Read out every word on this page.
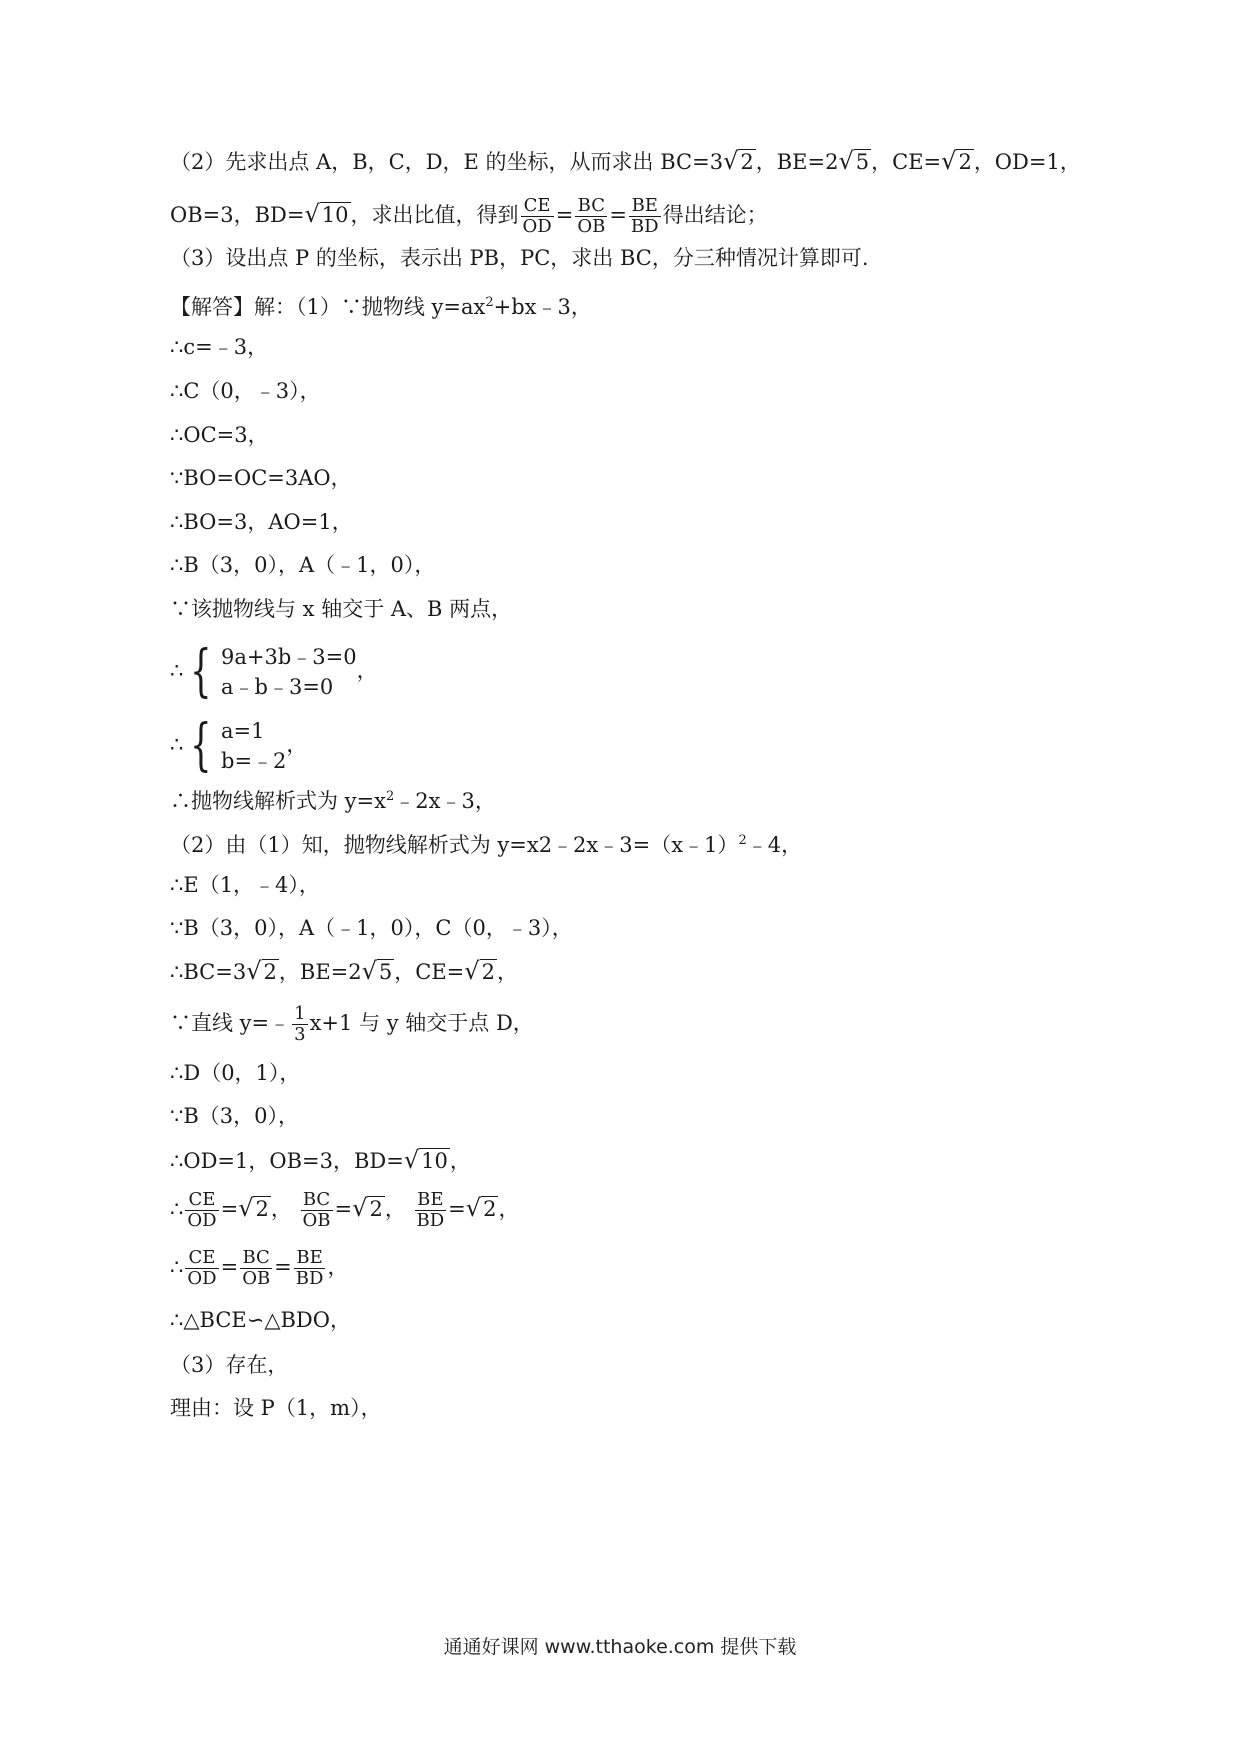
（2）先求出点 A，B，C，D，E 的坐标，从而求出 BC=3√2，BE=2√5，CE=√2，OD=1，
OB=3，BD=√10，求出比值，得到 $\frac{CE}{OD} = \frac{BC}{OB} = \frac{BE}{BD}$ 得出结论；
（3）设出点 P 的坐标，表示出 PB，PC，求出 BC，分三种情况计算即可.
【解答】解：（1）∵抛物线 $y=ax^2+bx﹣3$，
∴c=﹣3，
∴C（0，﹣3），
∴OC=3，
∵BO=OC=3AO，
∴BO=3，AO=1，
∴B（3，0），A（﹣1，0），
∵该抛物线与 x 轴交于 A、B 两点，
∴ { 9a+3b﹣3=0
a﹣b﹣3=0
，
∴ { a=1
b=﹣2
，
∴抛物线解析式为 $y=x^2﹣2x﹣3$，
（2）由（1）知，抛物线解析式为 y=x2﹣2x﹣3=（x﹣1）$^2$﹣4，
∴E（1，﹣4），
∵B（3，0），A（﹣1，0），C（0，﹣3），
∴BC=3√2，BE=2√5，CE=√2，
∵直线 y=﹣ $\frac{1}{3} x+1$ 与 y 轴交于点 D，
∴D（0，1），
∵B（3，0），
∴OD=1，OB=3，BD=√10，
∴ $\frac{CE}{OD} =√2$， $\frac{BC}{OB} =√2$， $\frac{BE}{BD} =√2$，
∴ $\frac{CE}{OD} = \frac{BC}{OB} = \frac{BE}{BD}$ ，
∴△BCE∽△BDO，
（3）存在，
理由：设 P（1，m），
通通好课网 www.tthaoke.com 提供下载
